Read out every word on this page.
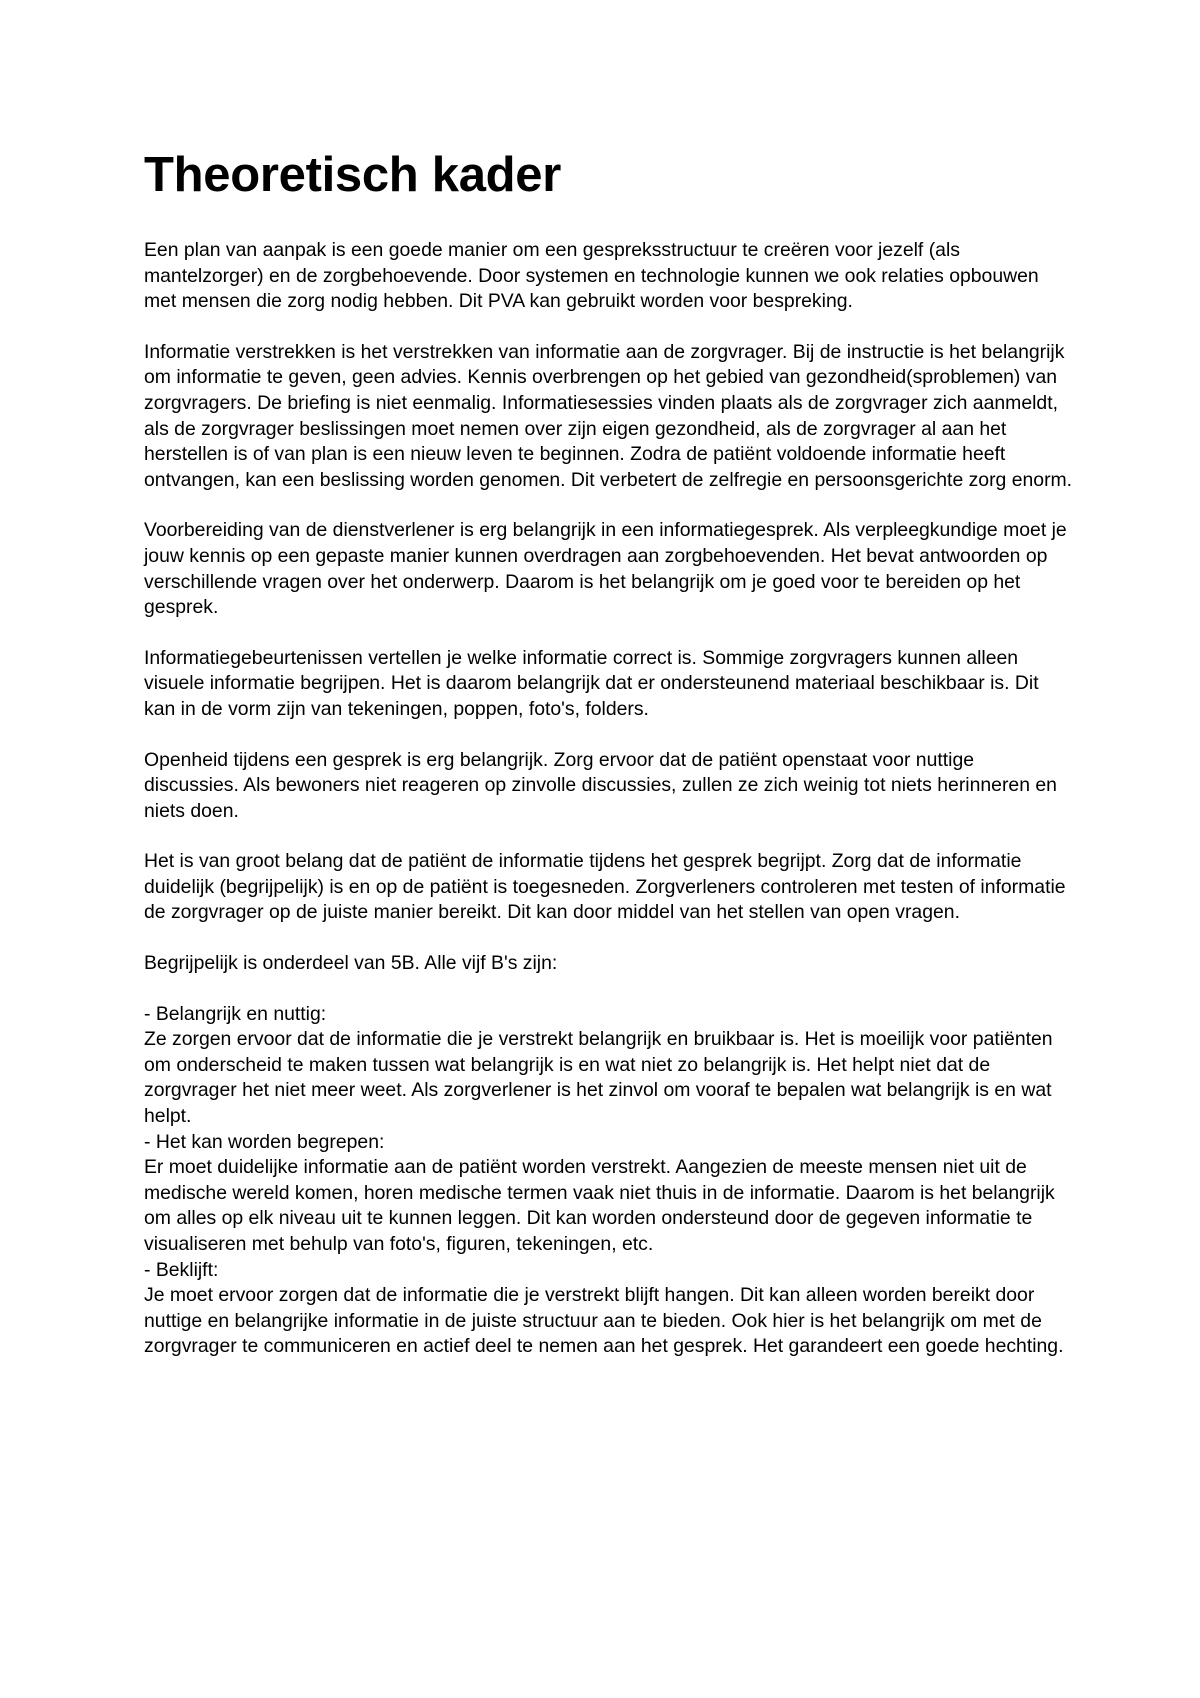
Theoretisch kader

Een plan van aanpak is een goede manier om een gespreksstructuur te creëren voor jezelf (als mantelzorger) en de zorgbehoevende. Door systemen en technologie kunnen we ook relaties opbouwen met mensen die zorg nodig hebben. Dit PVA kan gebruikt worden voor bespreking.

Informatie verstrekken is het verstrekken van informatie aan de zorgvrager. Bij de instructie is het belangrijk om informatie te geven, geen advies. Kennis overbrengen op het gebied van gezondheid(sproblemen) van zorgvragers. De briefing is niet eenmalig. Informatiesessies vinden plaats als de zorgvrager zich aanmeldt, als de zorgvrager beslissingen moet nemen over zijn eigen gezondheid, als de zorgvrager al aan het herstellen is of van plan is een nieuw leven te beginnen. Zodra de patiënt voldoende informatie heeft ontvangen, kan een beslissing worden genomen. Dit verbetert de zelfregie en persoonsgerichte zorg enorm.

Voorbereiding van de dienstverlener is erg belangrijk in een informatiegesprek. Als verpleegkundige moet je jouw kennis op een gepaste manier kunnen overdragen aan zorgbehoevenden. Het bevat antwoorden op verschillende vragen over het onderwerp. Daarom is het belangrijk om je goed voor te bereiden op het gesprek.

Informatiegebeurtenissen vertellen je welke informatie correct is. Sommige zorgvragers kunnen alleen visuele informatie begrijpen. Het is daarom belangrijk dat er ondersteunend materiaal beschikbaar is. Dit kan in de vorm zijn van tekeningen, poppen, foto's, folders.

Openheid tijdens een gesprek is erg belangrijk. Zorg ervoor dat de patiënt openstaat voor nuttige discussies. Als bewoners niet reageren op zinvolle discussies, zullen ze zich weinig tot niets herinneren en niets doen.

Het is van groot belang dat de patiënt de informatie tijdens het gesprek begrijpt. Zorg dat de informatie duidelijk (begrijpelijk) is en op de patiënt is toegesneden. Zorgverleners controleren met testen of informatie de zorgvrager op de juiste manier bereikt. Dit kan door middel van het stellen van open vragen.

Begrijpelijk is onderdeel van 5B. Alle vijf B's zijn:

- Belangrijk en nuttig:

Ze zorgen ervoor dat de informatie die je verstrekt belangrijk en bruikbaar is. Het is moeilijk voor patiënten om onderscheid te maken tussen wat belangrijk is en wat niet zo belangrijk is. Het helpt niet dat de zorgvrager het niet meer weet. Als zorgverlener is het zinvol om vooraf te bepalen wat belangrijk is en wat helpt.

- Het kan worden begrepen:

Er moet duidelijke informatie aan de patiënt worden verstrekt. Aangezien de meeste mensen niet uit de medische wereld komen, horen medische termen vaak niet thuis in de informatie. Daarom is het belangrijk om alles op elk niveau uit te kunnen leggen. Dit kan worden ondersteund door de gegeven informatie te visualiseren met behulp van foto's, figuren, tekeningen, etc.

- Beklijft:

Je moet ervoor zorgen dat de informatie die je verstrekt blijft hangen. Dit kan alleen worden bereikt door nuttige en belangrijke informatie in de juiste structuur aan te bieden. Ook hier is het belangrijk om met de zorgvrager te communiceren en actief deel te nemen aan het gesprek. Het garandeert een goede hechting.
